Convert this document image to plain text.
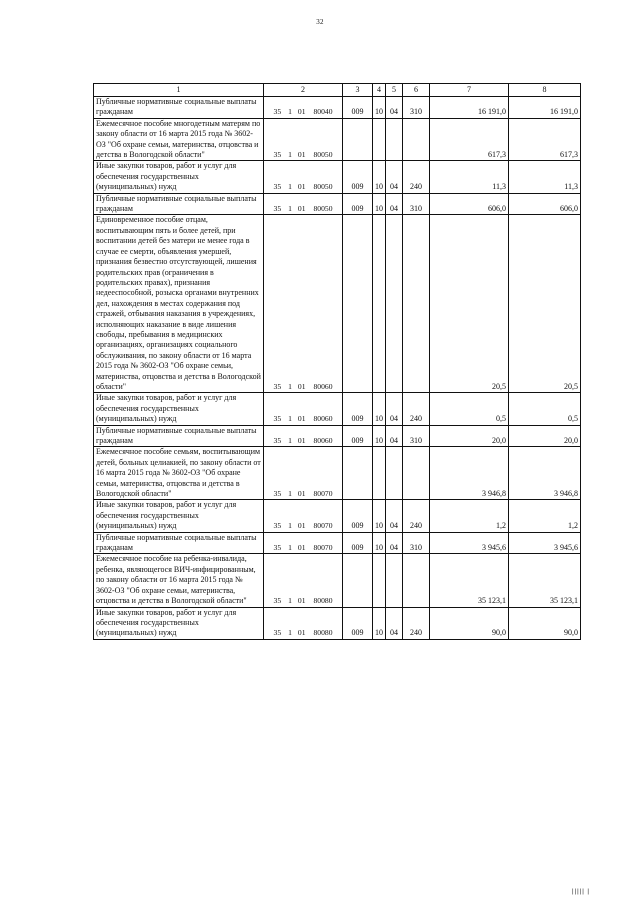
32
1	2	3	4	5	6	7	8
Публичные нормативные социальные выплаты гражданам	35 1 01 80040	009	10	04	310	16 191,0	16 191,0
Ежемесячное пособие многодетным матерям по закону области от 16 марта 2015 года № 3602-ОЗ "Об охране семьи, материнства, отцовства и детства в Вологодской области"	35 1 01 80050					617,3	617,3
Иные закупки товаров, работ и услуг для обеспечения государственных (муниципальных) нужд	35 1 01 80050	009	10	04	240	11,3	11,3
Публичные нормативные социальные выплаты гражданам	35 1 01 80050	009	10	04	310	606,0	606,0
Единовременное пособие отцам, воспитывающим пять и более детей, при воспитании детей без матери не менее года в случае ее смерти, объявления умершей, признания безвестно отсутствующей, лишения родительских прав (ограничения в родительских правах), признания недееспособной, розыска органами внутренних дел, нахождения в местах содержания под стражей, отбывания наказания в учреждениях, исполняющих наказание в виде лишения свободы, пребывания в медицинских организациях, организациях социального обслуживания, по закону области от 16 марта 2015 года № 3602-ОЗ "Об охране семьи, материнства, отцовства и детства в Вологодской области"	35 1 01 80060					20,5	20,5
Иные закупки товаров, работ и услуг для обеспечения государственных (муниципальных) нужд	35 1 01 80060	009	10	04	240	0,5	0,5
Публичные нормативные социальные выплаты гражданам	35 1 01 80060	009	10	04	310	20,0	20,0
Ежемесячное пособие семьям, воспитывающим детей, больных целиакией, по закону области от 16 марта 2015 года № 3602-ОЗ "Об охране семьи, материнства, отцовства и детства в Вологодской области"	35 1 01 80070					3 946,8	3 946,8
Иные закупки товаров, работ и услуг для обеспечения государственных (муниципальных) нужд	35 1 01 80070	009	10	04	240	1,2	1,2
Публичные нормативные социальные выплаты гражданам	35 1 01 80070	009	10	04	310	3 945,6	3 945,6
Ежемесячное пособие на ребенка-инвалида, ребенка, являющегося ВИЧ-инфицированным, по закону области от 16 марта 2015 года № 3602-ОЗ "Об охране семьи, материнства, отцовства и детства в Вологодской области"	35 1 01 80080					35 123,1	35 123,1
Иные закупки товаров, работ и услуг для обеспечения государственных (муниципальных) нужд	35 1 01 80080	009	10	04	240	90,0	90,0
||||| |
